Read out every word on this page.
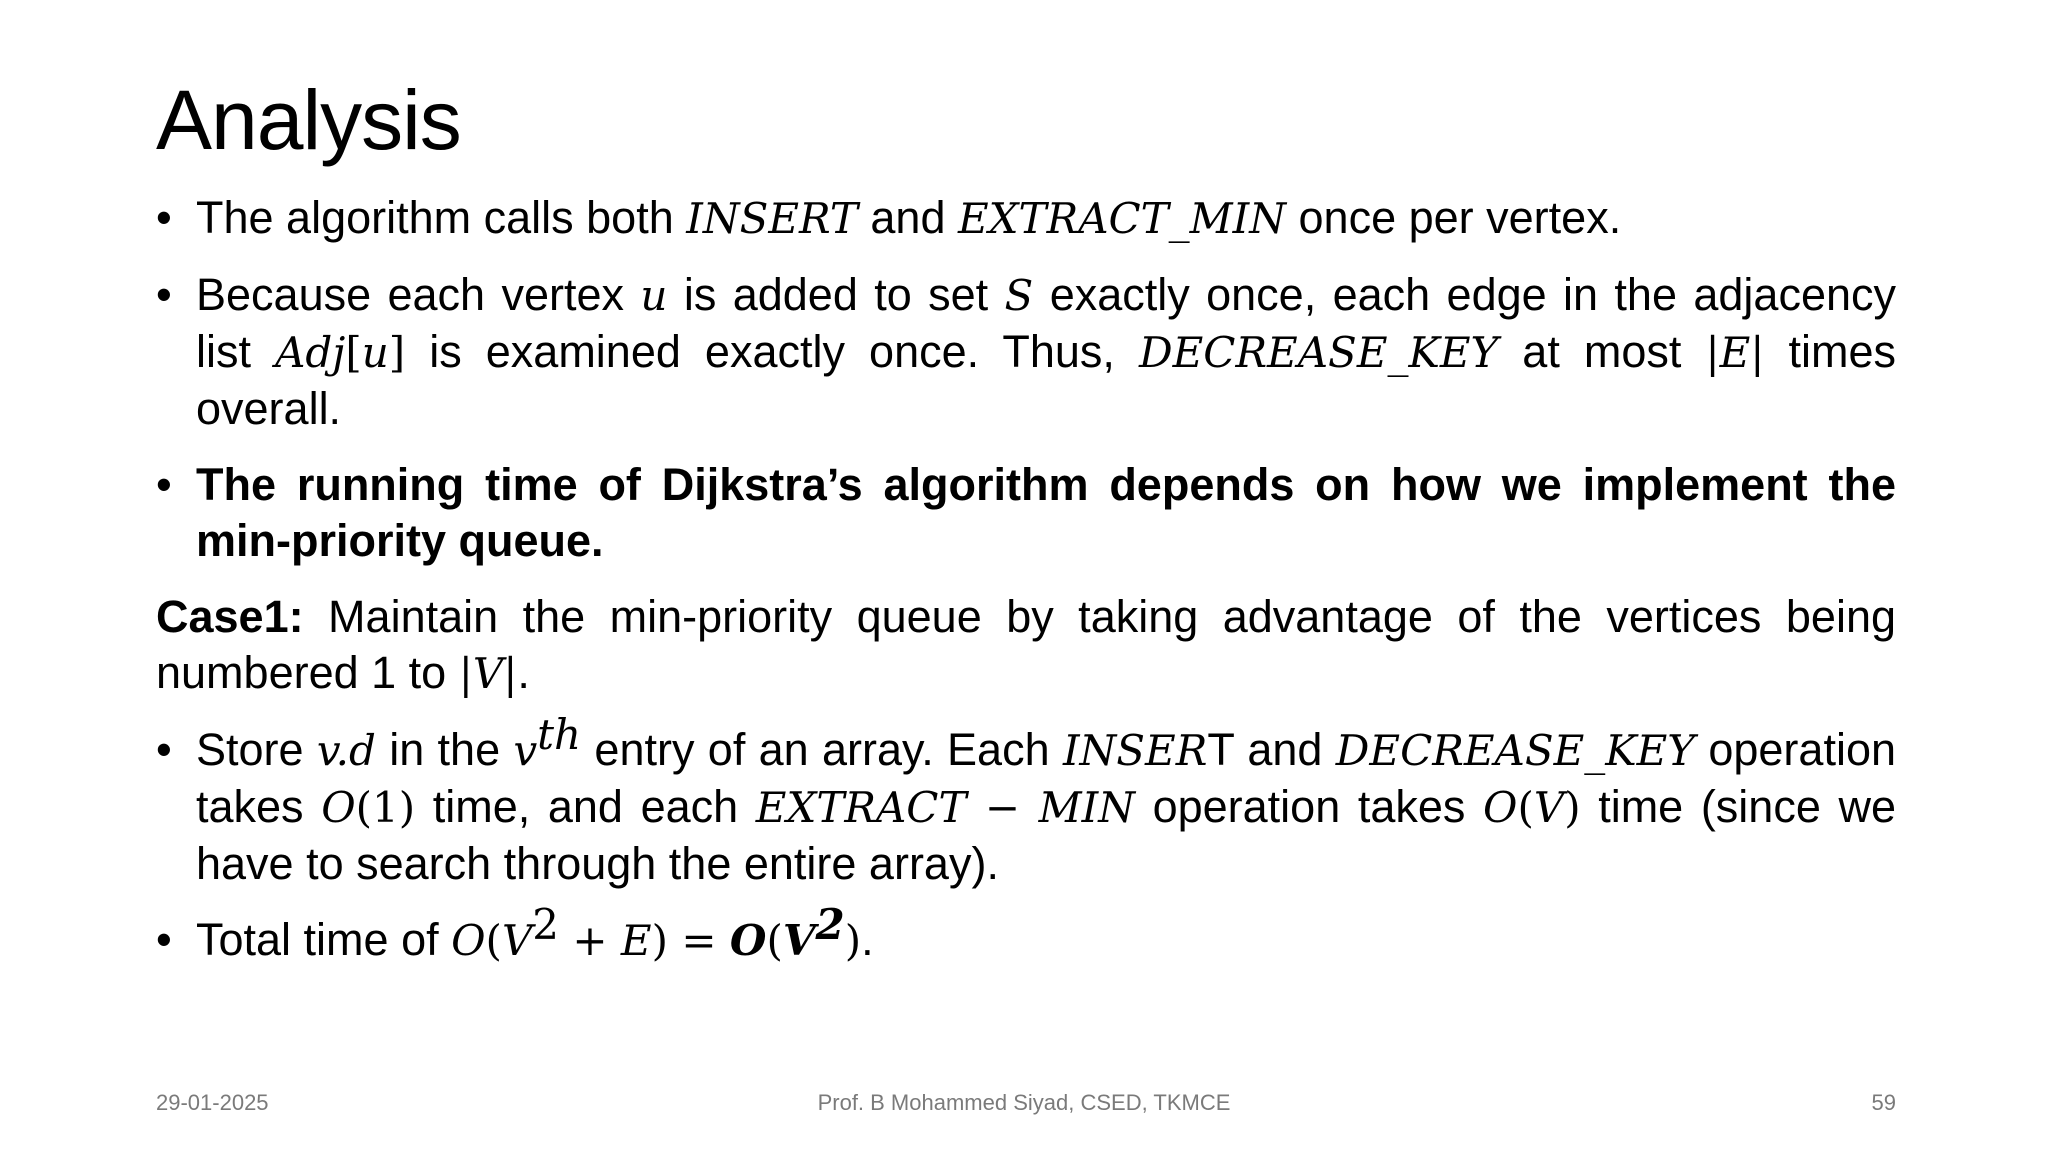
Analysis
• The algorithm calls both INSERT and EXTRACT_MIN once per vertex.
• Because each vertex u is added to set S exactly once, each edge in the adjacency list Adj[u] is examined exactly once. Thus, DECREASE_KEY at most |E| times overall.
• The running time of Dijkstra’s algorithm depends on how we implement the min-priority queue.
Case1: Maintain the min-priority queue by taking advantage of the vertices being numbered 1 to |V|.
• Store v.d in the $v^{th}$ entry of an array. Each INSERT and DECREASE_KEY operation takes O(1) time, and each EXTRACT − MIN operation takes O(V) time (since we have to search through the entire array).
• Total time of $O(V^2 + E) = O(V^2)$.
29-01-2025	Prof. B Mohammed Siyad, CSED, TKMCE	59
